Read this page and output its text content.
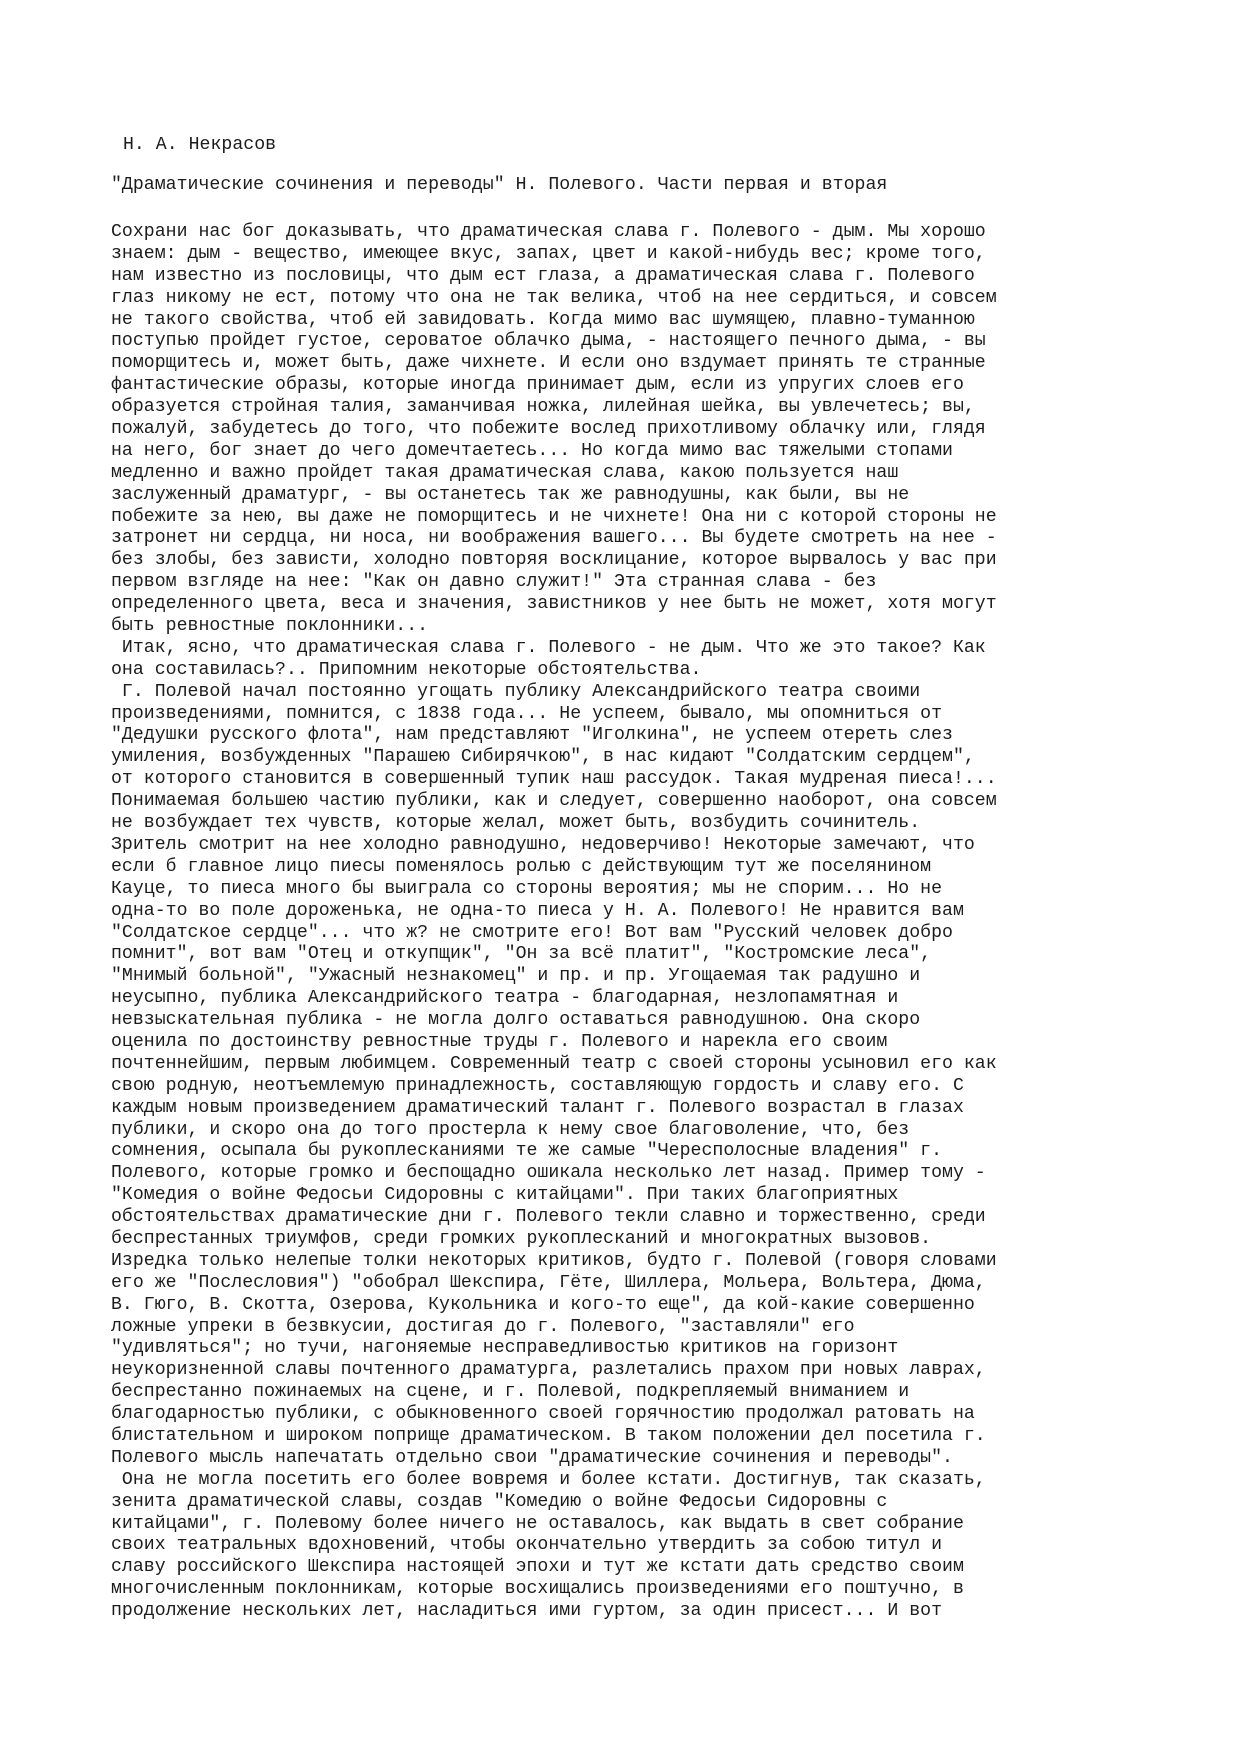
Н. А. Некрасов
"Драматические сочинения и переводы" Н. Полевого. Части первая и вторая
Сохрани нас бог доказывать, что драматическая слава г. Полевого - дым. Мы хорошо
знаем: дым - вещество, имеющее вкус, запах, цвет и какой-нибудь вес; кроме того,
нам известно из пословицы, что дым ест глаза, а драматическая слава г. Полевого
глаз никому не ест, потому что она не так велика, чтоб на нее сердиться, и совсем
не такого свойства, чтоб ей завидовать. Когда мимо вас шумящею, плавно-туманною
поступью пройдет густое, сероватое облачко дыма, - настоящего печного дыма, - вы
поморщитесь и, может быть, даже чихнете. И если оно вздумает принять те странные
фантастические образы, которые иногда принимает дым, если из упругих слоев его
образуется стройная талия, заманчивая ножка, лилейная шейка, вы увлечетесь; вы,
пожалуй, забудетесь до того, что побежите вослед прихотливому облачку или, глядя
на него, бог знает до чего домечтаетесь... Но когда мимо вас тяжелыми стопами
медленно и важно пройдет такая драматическая слава, какою пользуется наш
заслуженный драматург, - вы останетесь так же равнодушны, как были, вы не
побежите за нею, вы даже не поморщитесь и не чихнете! Она ни с которой стороны не
затронет ни сердца, ни носа, ни воображения вашего... Вы будете смотреть на нее -
без злобы, без зависти, холодно повторяя восклицание, которое вырвалось у вас при
первом взгляде на нее: "Как он давно служит!" Эта странная слава - без
определенного цвета, веса и значения, завистников у нее быть не может, хотя могут
быть ревностные поклонники...
Итак, ясно, что драматическая слава г. Полевого - не дым. Что же это такое? Как
она составилась?.. Припомним некоторые обстоятельства.
Г. Полевой начал постоянно угощать публику Александрийского театра своими
произведениями, помнится, с 1838 года... Не успеем, бывало, мы опомниться от
"Дедушки русского флота", нам представляют "Иголкина", не успеем отереть слез
умиления, возбужденных "Парашею Сибирячкою", в нас кидают "Солдатским сердцем",
от которого становится в совершенный тупик наш рассудок. Такая мудреная пиеса!...
Понимаемая большею частию публики, как и следует, совершенно наоборот, она совсем
не возбуждает тех чувств, которые желал, может быть, возбудить сочинитель.
Зритель смотрит на нее холодно равнодушно, недоверчиво! Некоторые замечают, что
если б главное лицо пиесы поменялось ролью с действующим тут же поселянином
Кауце, то пиеса много бы выиграла со стороны вероятия; мы не спорим... Но не
одна-то во поле дороженька, не одна-то пиеса у Н. А. Полевого! Не нравится вам
"Солдатское сердце"... что ж? не смотрите его! Вот вам "Русский человек добро
помнит", вот вам "Отец и откупщик", "Он за всё платит", "Костромские леса",
"Мнимый больной", "Ужасный незнакомец" и пр. и пр. Угощаемая так радушно и
неусыпно, публика Александрийского театра - благодарная, незлопамятная и
невзыскательная публика - не могла долго оставаться равнодушною. Она скоро
оценила по достоинству ревностные труды г. Полевого и нарекла его своим
почтеннейшим, первым любимцем. Современный театр с своей стороны усыновил его как
свою родную, неотъемлемую принадлежность, составляющую гордость и славу его. С
каждым новым произведением драматический талант г. Полевого возрастал в глазах
публики, и скоро она до того простерла к нему свое благоволение, что, без
сомнения, осыпала бы рукоплесканиями те же самые "Чересполосные владения" г.
Полевого, которые громко и беспощадно ошикала несколько лет назад. Пример тому -
"Комедия о войне Федосьи Сидоровны с китайцами". При таких благоприятных
обстоятельствах драматические дни г. Полевого текли славно и торжественно, среди
беспрестанных триумфов, среди громких рукоплесканий и многократных вызовов.
Изредка только нелепые толки некоторых критиков, будто г. Полевой (говоря словами
его же "Послесловия") "обобрал Шекспира, Гёте, Шиллера, Мольера, Вольтера, Дюма,
В. Гюго, В. Скотта, Озерова, Кукольника и кого-то еще", да кой-какие совершенно
ложные упреки в безвкусии, достигая до г. Полевого, "заставляли" его
"удивляться"; но тучи, нагоняемые несправедливостью критиков на горизонт
неукоризненной славы почтенного драматурга, разлетались прахом при новых лаврах,
беспрестанно пожинаемых на сцене, и г. Полевой, подкрепляемый вниманием и
благодарностью публики, с обыкновенного своей горячностию продолжал ратовать на
блистательном и широком поприще драматическом. В таком положении дел посетила г.
Полевого мысль напечатать отдельно свои "драматические сочинения и переводы".
Она не могла посетить его более вовремя и более кстати. Достигнув, так сказать,
зенита драматической славы, создав "Комедию о войне Федосьи Сидоровны с
китайцами", г. Полевому более ничего не оставалось, как выдать в свет собрание
своих театральных вдохновений, чтобы окончательно утвердить за собою титул и
славу российского Шекспира настоящей эпохи и тут же кстати дать средство своим
многочисленным поклонникам, которые восхищались произведениями его поштучно, в
продолжение нескольких лет, насладиться ими гуртом, за один присест... И вот
